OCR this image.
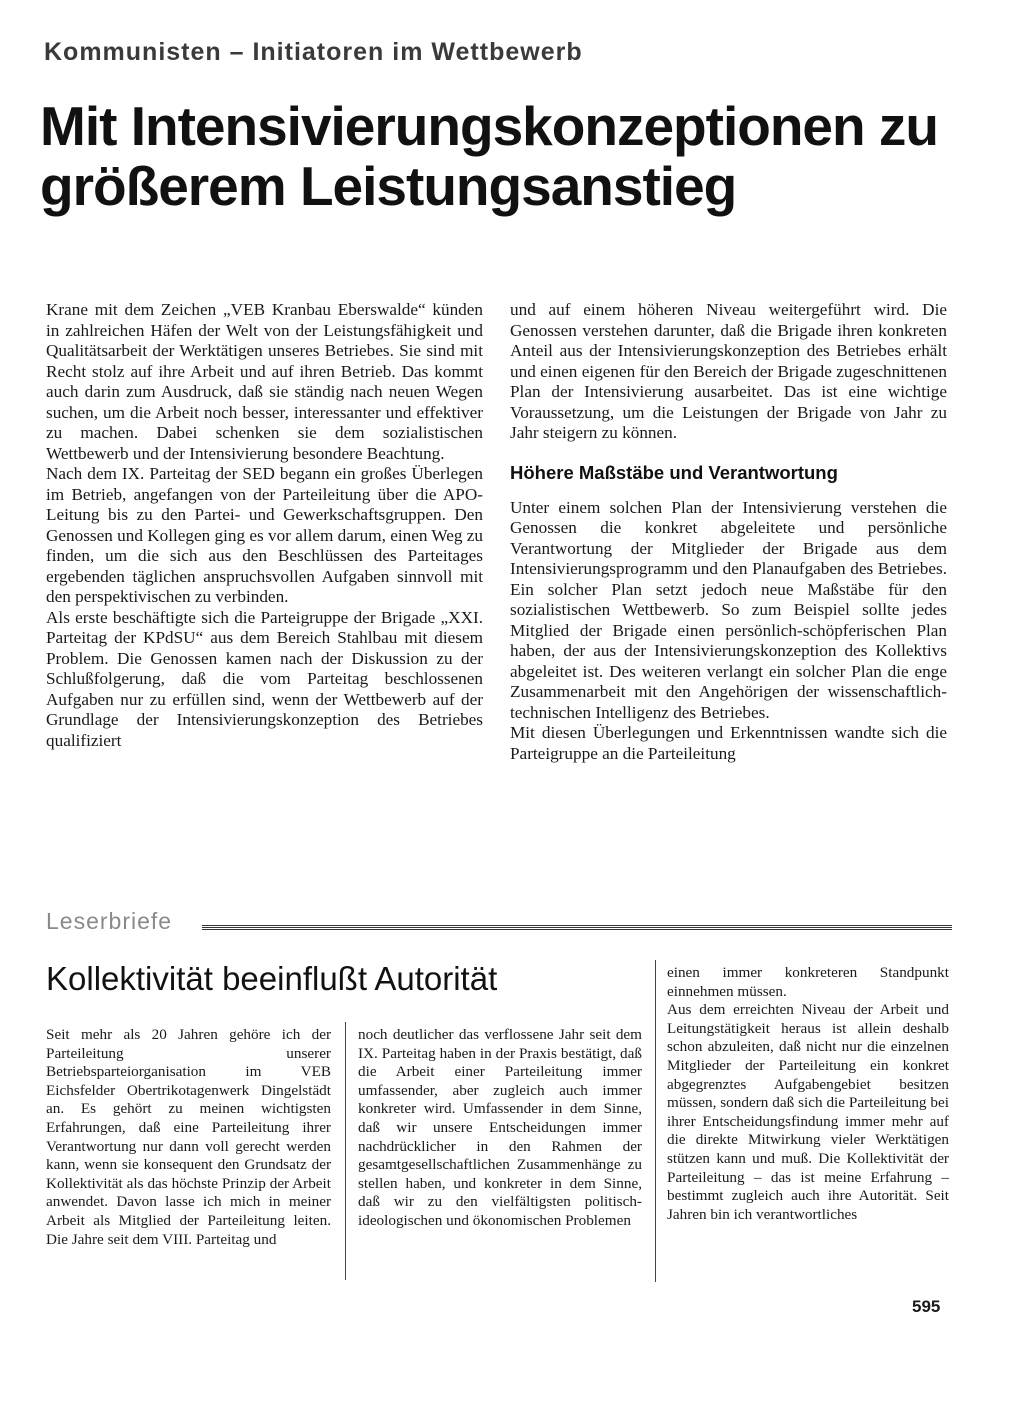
Kommunisten – Initiatoren im Wettbewerb
Mit Intensivierungskonzeptionen zu größerem Leistungsanstieg

Krane mit dem Zeichen „VEB Kranbau Eberswalde“ künden in zahlreichen Häfen der Welt von der Leistungsfähigkeit und Qualitätsarbeit der Werktätigen unseres Betriebes. Sie sind mit Recht stolz auf ihre Arbeit und auf ihren Betrieb. Das kommt auch darin zum Ausdruck, daß sie ständig nach neuen Wegen suchen, um die Arbeit noch besser, interessanter und effektiver zu machen. Dabei schenken sie dem sozialistischen Wettbewerb und der Intensivierung besondere Beachtung.

Nach dem IX. Parteitag der SED begann ein großes Überlegen im Betrieb, angefangen von der Parteileitung über die APO-Leitung bis zu den Partei- und Gewerkschaftsgruppen. Den Genossen und Kollegen ging es vor allem darum, einen Weg zu finden, um die sich aus den Beschlüssen des Parteitages ergebenden täglichen anspruchsvollen Aufgaben sinnvoll mit den perspektivischen zu verbinden.

Als erste beschäftigte sich die Parteigruppe der Brigade „XXI. Parteitag der KPdSU“ aus dem Bereich Stahlbau mit diesem Problem. Die Genossen kamen nach der Diskussion zu der Schlußfolgerung, daß die vom Parteitag beschlossenen Aufgaben nur zu erfüllen sind, wenn der Wettbewerb auf der Grundlage der Intensivierungskonzeption des Betriebes qualifiziert

und auf einem höheren Niveau weitergeführt wird. Die Genossen verstehen darunter, daß die Brigade ihren konkreten Anteil aus der Intensivierungskonzeption des Betriebes erhält und einen eigenen für den Bereich der Brigade zugeschnittenen Plan der Intensivierung ausarbeitet. Das ist eine wichtige Voraussetzung, um die Leistungen der Brigade von Jahr zu Jahr steigern zu können.

Höhere Maßstäbe und Verantwortung

Unter einem solchen Plan der Intensivierung verstehen die Genossen die konkret abgeleitete und persönliche Verantwortung der Mitglieder der Brigade aus dem Intensivierungsprogramm und den Planaufgaben des Betriebes. Ein solcher Plan setzt jedoch neue Maßstäbe für den sozialistischen Wettbewerb. So zum Beispiel sollte jedes Mitglied der Brigade einen persönlich-schöpferischen Plan haben, der aus der Intensivierungskonzeption des Kollektivs abgeleitet ist. Des weiteren verlangt ein solcher Plan die enge Zusammenarbeit mit den Angehörigen der wissenschaftlich-technischen Intelligenz des Betriebes.

Mit diesen Überlegungen und Erkenntnissen wandte sich die Parteigruppe an die Parteileitung

Leserbriefe
Kollektivität beeinflußt Autorität

Seit mehr als 20 Jahren gehöre ich der Parteileitung unserer Betriebsparteiorganisation im VEB Eichsfelder Obertrikotagenwerk Dingelstädt an. Es gehört zu meinen wichtigsten Erfahrungen, daß eine Parteileitung ihrer Verantwortung nur dann voll gerecht werden kann, wenn sie konsequent den Grundsatz der Kollektivität als das höchste Prinzip der Arbeit anwendet. Davon lasse ich mich in meiner Arbeit als Mitglied der Parteileitung leiten. Die Jahre seit dem VIII. Parteitag und

noch deutlicher das verflossene Jahr seit dem IX. Parteitag haben in der Praxis bestätigt, daß die Arbeit einer Parteileitung immer umfassender, aber zugleich auch immer konkreter wird. Umfassender in dem Sinne, daß wir unsere Entscheidungen immer nachdrücklicher in den Rahmen der gesamtgesellschaftlichen Zusammenhänge zu stellen haben, und konkreter in dem Sinne, daß wir zu den vielfältigsten politisch-ideologischen und ökonomischen Problemen

einen immer konkreteren Standpunkt einnehmen müssen.

Aus dem erreichten Niveau der Arbeit und Leitungstätigkeit heraus ist allein deshalb schon abzuleiten, daß nicht nur die einzelnen Mitglieder der Parteileitung ein konkret abgegrenztes Aufgabengebiet besitzen müssen, sondern daß sich die Parteileitung bei ihrer Entscheidungsfindung immer mehr auf die direkte Mitwirkung vieler Werktätigen stützen kann und muß. Die Kollektivität der Parteileitung – das ist meine Erfahrung – bestimmt zugleich auch ihre Autorität. Seit Jahren bin ich verantwortliches

595
